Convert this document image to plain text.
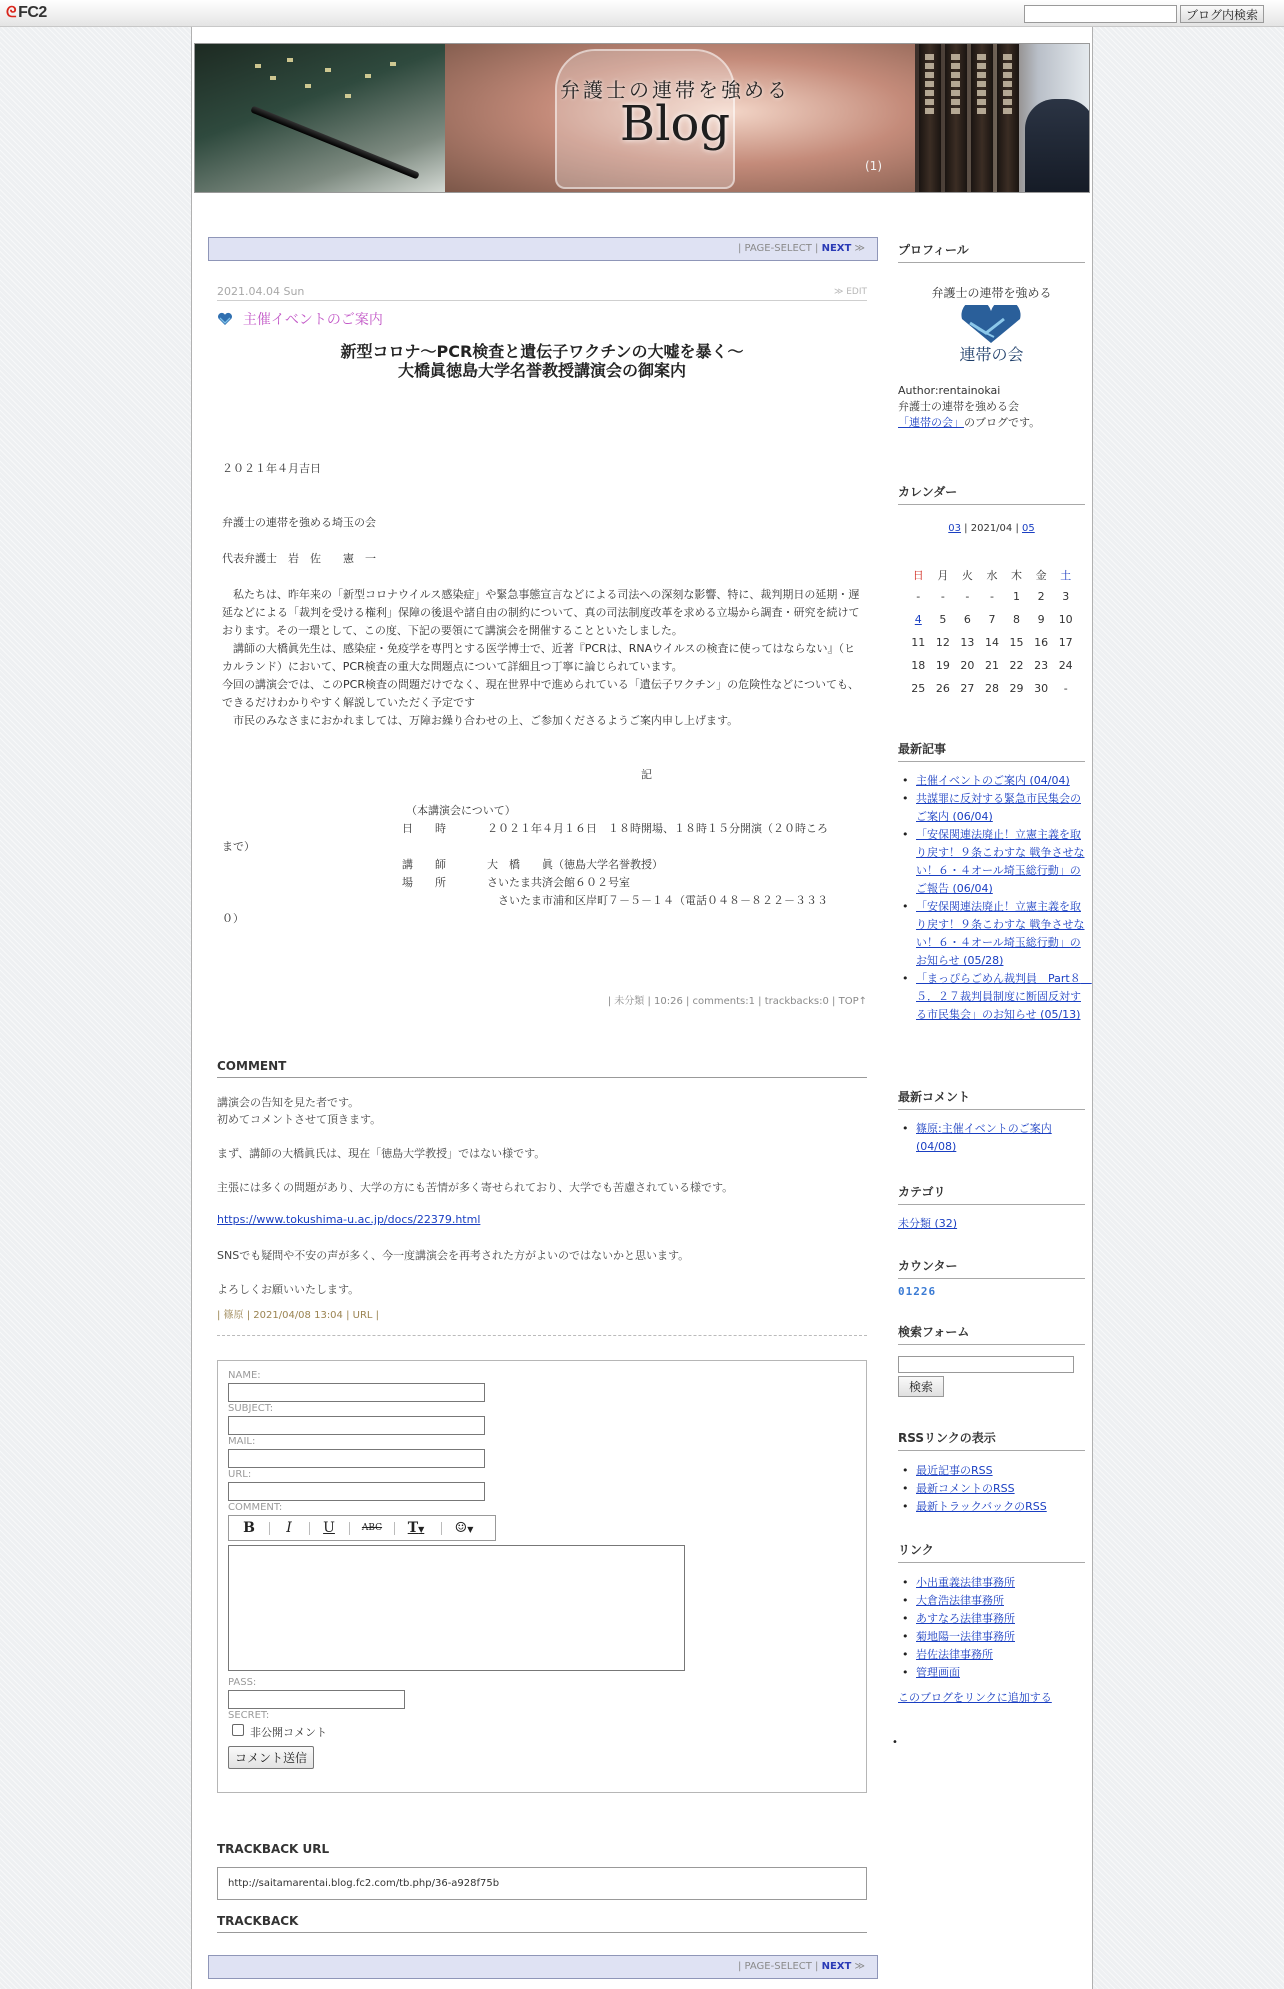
ᘓ FC2	ブログ内検索
弁護士の連帯を強める
Blog
(1)
| PAGE-SELECT | NEXT ≫
2021.04.04 Sun	≫ EDIT
主催イベントのご案内
新型コロナ～PCR検査と遺伝子ワクチンの大嘘を暴く～
大橋眞徳島大学名誉教授講演会の御案内
２０２１年４月吉日
弁護士の連帯を強める埼玉の会
代表弁護士　岩　佐　　憲　一

私たちは、昨年来の「新型コロナウイルス感染症」や緊急事態宣言などによる司法への深刻な影響、特に、裁判期日の延期・遅延などによる「裁判を受ける権利」保障の後退や諸自由の制約について、真の司法制度改革を求める立場から調査・研究を続けております。その一環として、この度、下記の要領にて講演会を開催することといたしました。

講師の大橋眞先生は、感染症・免疫学を専門とする医学博士で、近著『PCRは、RNAウイルスの検査に使ってはならない』（ヒカルランド）において、PCR検査の重大な問題点について詳細且つ丁寧に論じられています。

今回の講演会では、このPCR検査の問題だけでなく、現在世界中で進められている「遺伝子ワクチン」の危険性などについても、

できるだけわかりやすく解説していただく予定です

市民のみなさまにおかれましては、万障お繰り合わせの上、ご参加くださるようご案内申し上げます。

記
（本講演会について）
日　　時	２０２１年４月１６日　１８時開場、１８時１５分開演（２０時ころ
まで）
講　　師	大　橋　　眞（徳島大学名誉教授）
場　　所	さいたま共済会館６０２号室
さいたま市浦和区岸町７－５－１４（電話０４８－８２２－３３３
０）
| 未分類 | 10:26 | comments:1 | trackbacks:0 | TOP↑
COMMENT
講演会の告知を見た者です。
初めてコメントさせて頂きます。
まず、講師の大橋眞氏は、現在「徳島大学教授」ではない様です。
主張には多くの問題があり、大学の方にも苦情が多く寄せられており、大学でも苦慮されている様です。
https://www.tokushima-u.ac.jp/docs/22379.html
SNSでも疑問や不安の声が多く、今一度講演会を再考された方がよいのではないかと思います。
よろしくお願いいたします。
| 篠原 | 2021/04/08 13:04 | URL |
NAME:
SUBJECT:
MAIL:
URL:
COMMENT:
B	I	U	ABC	T▼	☺▼
PASS:
SECRET:
非公開コメント
コメント送信
TRACKBACK URL
http://saitamarentai.blog.fc2.com/tb.php/36-a928f75b
TRACKBACK
| PAGE-SELECT | NEXT ≫
プロフィール
弁護士の連帯を強める
連帯の会
Author:rentainokai
弁護士の連帯を強める会
「連帯の会」のブログです。
カレンダー
03 | 2021/04 | 05
日	月	火	水	木	金	土
-	-	-	-	1	2	3
4	5	6	7	8	9	10
11	12	13	14	15	16	17
18	19	20	21	22	23	24
25	26	27	28	29	30	-
最新記事
• 主催イベントのご案内 (04/04)
• 共謀罪に反対する緊急市民集会のご案内 (06/04)
• 「安保関連法廃止！立憲主義を取り戻す！９条こわすな 戦争させない！６・４オール埼玉総行動」のご報告 (06/04)
• 「安保関連法廃止！立憲主義を取り戻す！９条こわすな 戦争させない！６・４オール埼玉総行動」のお知らせ (05/28)
• 「まっぴらごめん裁判員　Part８　５．２７裁判員制度に断固反対する市民集会」のお知らせ (05/13)
最新コメント
• 篠原:主催イベントのご案内 (04/08)
カテゴリ
未分類 (32)
カウンター
01226
検索フォーム
検索
RSSリンクの表示
• 最近記事のRSS
• 最新コメントのRSS
• 最新トラックバックのRSS
リンク
• 小出重義法律事務所
• 大倉浩法律事務所
• あすなろ法律事務所
• 菊地陽一法律事務所
• 岩佐法律事務所
• 管理画面
このブログをリンクに追加する
•
